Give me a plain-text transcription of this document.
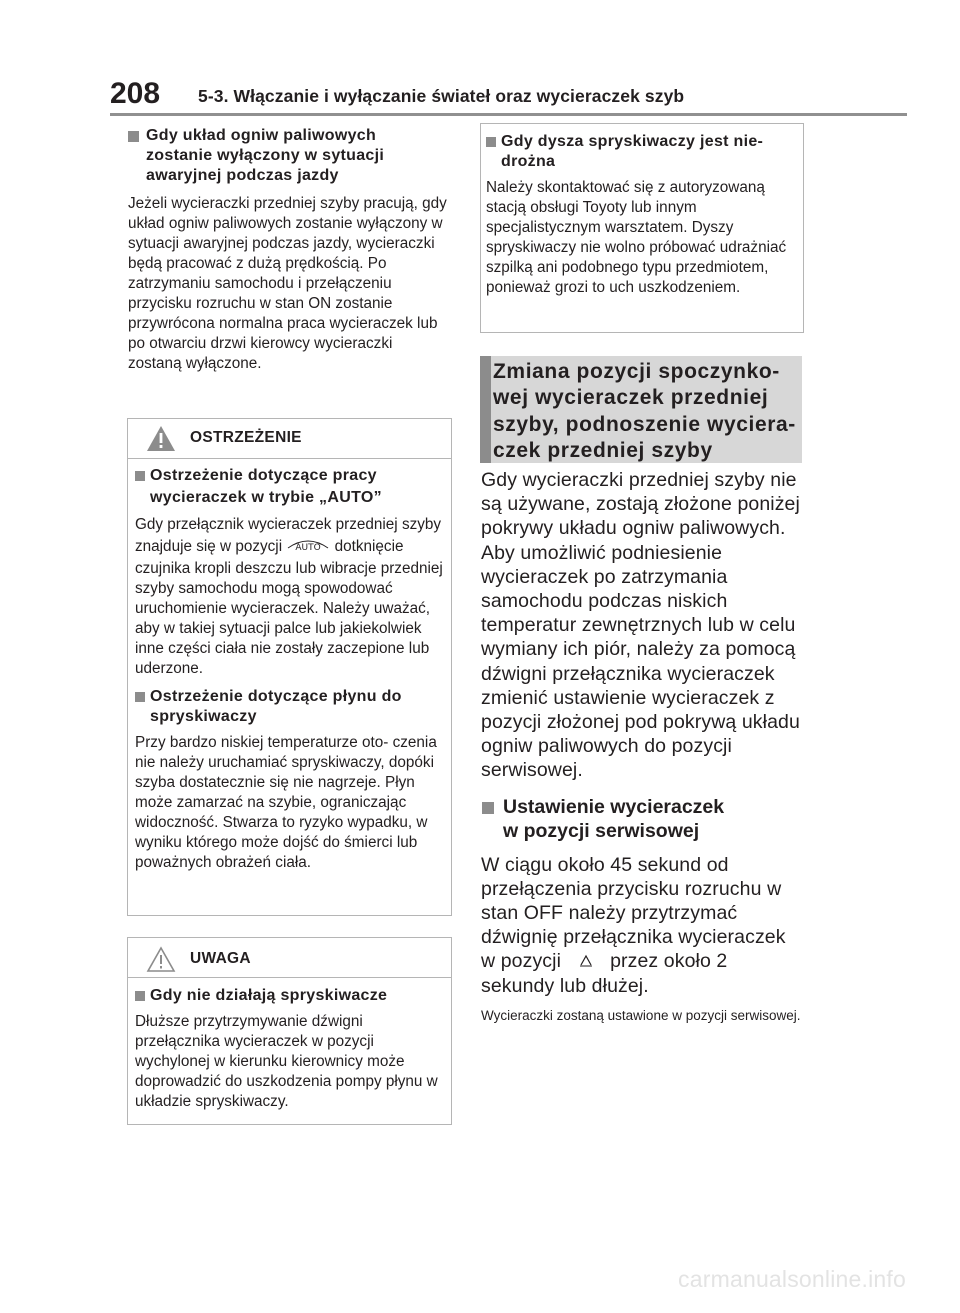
208 5-3. Włączanie i wyłączanie świateł oraz wycieraczek szyb
Gdy układ ogniw paliwowych
zostanie wyłączony w sytuacji
awaryjnej podczas jazdy

Jeżeli wycieraczki przedniej szyby pracują, gdy układ ogniw paliwowych zostanie wyłączony w sytuacji awaryjnej podczas jazdy, wycieraczki będą pracować z dużą prędkością. Po zatrzymaniu samochodu i przełączeniu przycisku rozruchu w stan ON zostanie przywrócona normalna praca wycieraczek lub po otwarciu drzwi kierowcy wycieraczki zostaną wyłączone.

OSTRZEŻENIE
Ostrzeżenie dotyczące pracy
wycieraczek w trybie „AUTO”

Gdy przełącznik wycieraczek przedniej szyby znajduje się w pozycji AUTO dotknięcie czujnika kropli deszczu lub wibracje przedniej szyby samochodu mogą spowodować uruchomienie wycieraczek. Należy uważać, aby w takiej sytuacji palce lub jakiekolwiek inne części ciała nie zostały zaczepione lub uderzone.

Ostrzeżenie dotyczące płynu do
spryskiwaczy

Przy bardzo niskiej temperaturze oto- czenia nie należy uruchamiać spryskiwaczy, dopóki szyba dostatecznie się nie nagrzeje. Płyn może zamarzać na szybie, ograniczając widoczność. Stwarza to ryzyko wypadku, w wyniku którego może dojść do śmierci lub poważnych obrażeń ciała.

UWAGA
Gdy nie działają spryskiwacze

Dłuższe przytrzymywanie dźwigni przełącznika wycieraczek w pozycji wychylonej w kierunku kierownicy może doprowadzić do uszkodzenia pompy płynu w układzie spryskiwaczy.

Gdy dysza spryskiwaczy jest nie-
drożna

Należy skontaktować się z autoryzowaną stacją obsługi Toyoty lub innym specjalistycznym warsztatem. Dyszy spryskiwaczy nie wolno próbować udrażniać szpilką ani podobnego typu przedmiotem, ponieważ grozi to uch uszkodzeniem.

Zmiana pozycji spoczynko-
wej wycieraczek przedniej
szyby, podnoszenie wyciera-
czek przedniej szyby

Gdy wycieraczki przedniej szyby nie są używane, zostają złożone poniżej pokrywy układu ogniw paliwowych. Aby umożliwić podniesienie wycieraczek po zatrzymania samochodu podczas niskich temperatur zewnętrznych lub w celu wymiany ich piór, należy za pomocą dźwigni przełącznika wycieraczek zmienić ustawienie wycieraczek z pozycji złożonej pod pokrywą układu ogniw paliwowych do pozycji serwisowej.

Ustawienie wycieraczek
w pozycji serwisowej

W ciągu około 45 sekund od przełączenia przycisku rozruchu w stan OFF należy przytrzymać dźwignię przełącznika wycieraczek w pozycji	przez około 2 sekundy lub dłużej.

Wycieraczki zostaną ustawione w pozycji serwisowej.

carmanualsonline.info
